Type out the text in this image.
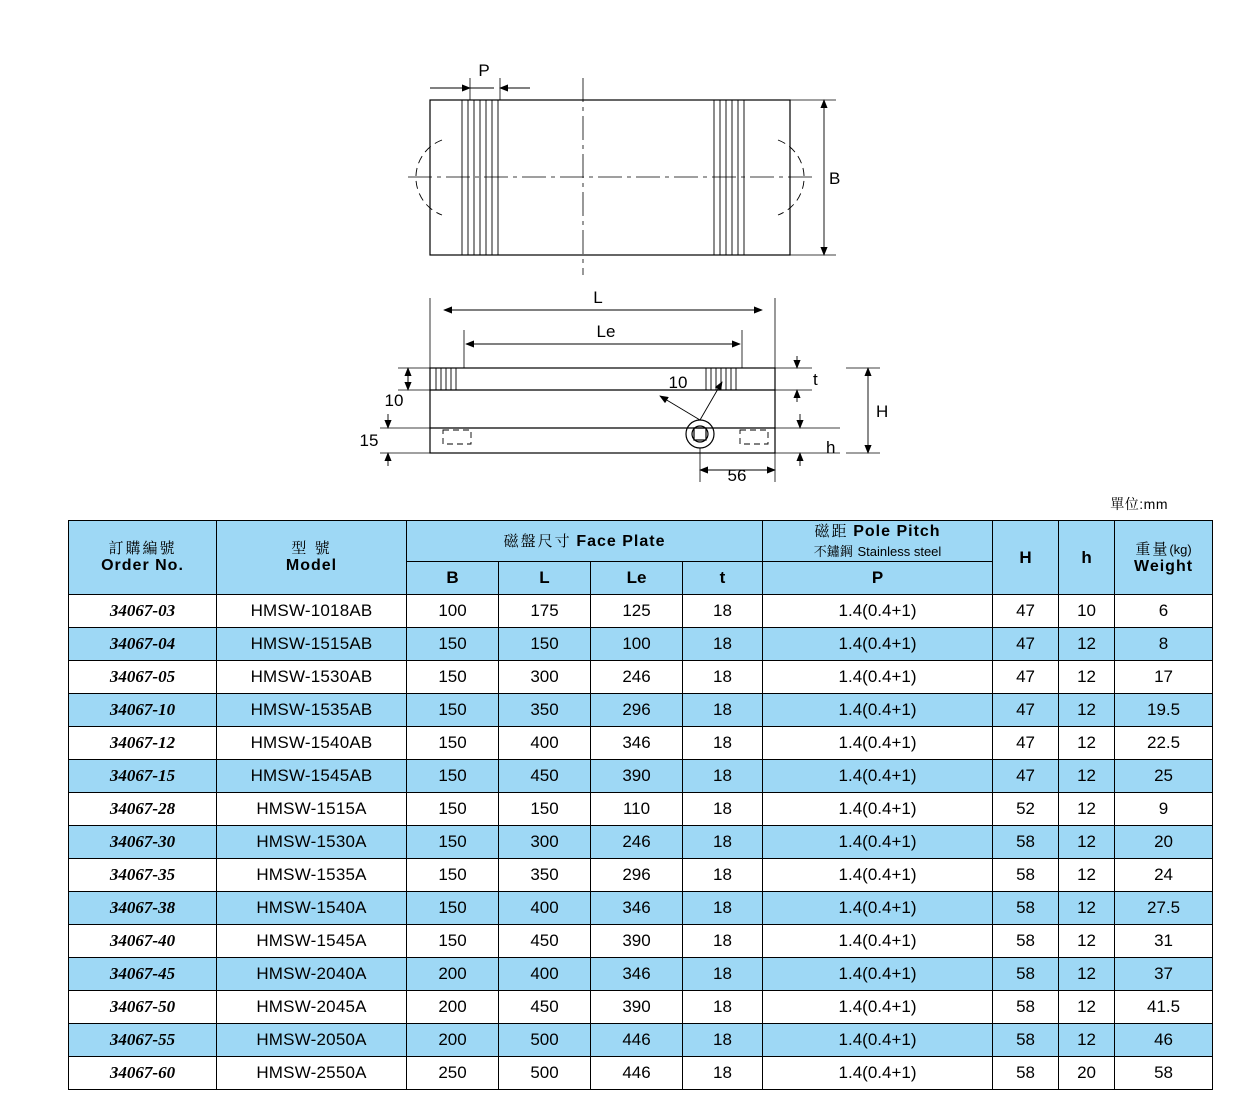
P
B
L
Le
10
15
10	t
H
h
56
單位:mm
訂購編號
Order No.

型 號
Model
	磁盤尺寸 Face Plate	
磁距 Pole Pitch
不鏽鋼 Stainless steel	H	h	重量(kg)
Weight

		B	L	Le	t	P			
34067-03	HMSW-1018AB	100	175	125	18	1.4(0.4+1)	47	10	6
34067-04	HMSW-1515AB	150	150	100	18	1.4(0.4+1)	47	12	8
34067-05	HMSW-1530AB	150	300	246	18	1.4(0.4+1)	47	12	17
34067-10	HMSW-1535AB	150	350	296	18	1.4(0.4+1)	47	12	19.5
34067-12	HMSW-1540AB	150	400	346	18	1.4(0.4+1)	47	12	22.5
34067-15	HMSW-1545AB	150	450	390	18	1.4(0.4+1)	47	12	25
34067-28	HMSW-1515A	150	150	110	18	1.4(0.4+1)	52	12	9
34067-30	HMSW-1530A	150	300	246	18	1.4(0.4+1)	58	12	20
34067-35	HMSW-1535A	150	350	296	18	1.4(0.4+1)	58	12	24
34067-38	HMSW-1540A	150	400	346	18	1.4(0.4+1)	58	12	27.5
34067-40	HMSW-1545A	150	450	390	18	1.4(0.4+1)	58	12	31
34067-45	HMSW-2040A	200	400	346	18	1.4(0.4+1)	58	12	37
34067-50	HMSW-2045A	200	450	390	18	1.4(0.4+1)	58	12	41.5
34067-55	HMSW-2050A	200	500	446	18	1.4(0.4+1)	58	12	46
34067-60	HMSW-2550A	250	500	446	18	1.4(0.4+1)	58	20	58
